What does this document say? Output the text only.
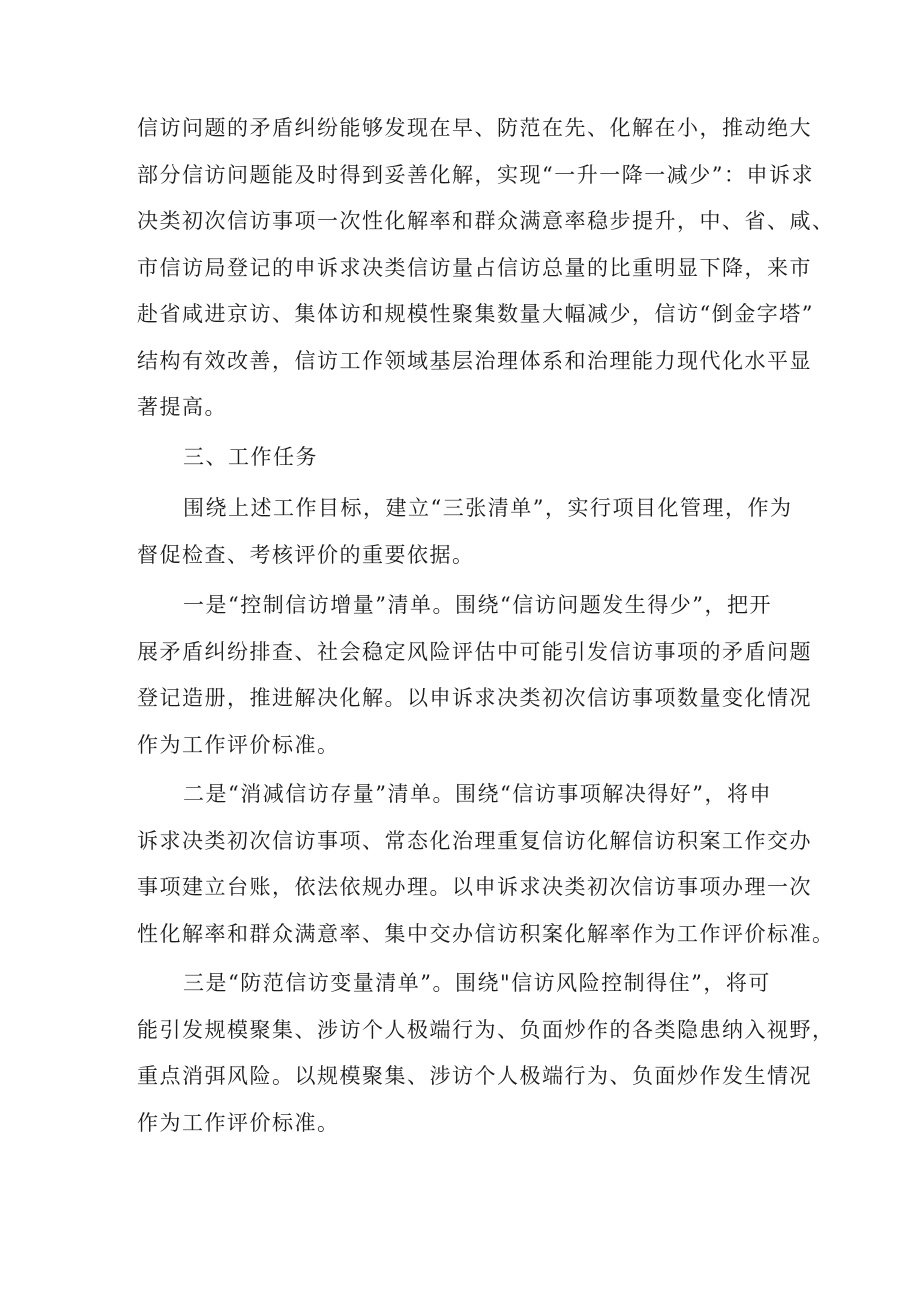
信访问题的矛盾纠纷能够发现在早、防范在先、化解在小，推动绝大
部分信访问题能及时得到妥善化解，实现“一升一降一减少”：申诉求
决类初次信访事项一次性化解率和群众满意率稳步提升，中、省、咸、
市信访局登记的申诉求决类信访量占信访总量的比重明显下降，来市
赴省咸进京访、集体访和规模性聚集数量大幅减少，信访“倒金字塔”
结构有效改善，信访工作领域基层治理体系和治理能力现代化水平显
著提高。
三、工作任务
围绕上述工作目标，建立“三张清单”，实行项目化管理，作为
督促检查、考核评价的重要依据。
一是“控制信访增量”清单。围绕“信访问题发生得少”，把开
展矛盾纠纷排查、社会稳定风险评估中可能引发信访事项的矛盾问题
登记造册，推进解决化解。以申诉求决类初次信访事项数量变化情况
作为工作评价标准。
二是“消减信访存量”清单。围绕“信访事项解决得好”，将申
诉求决类初次信访事项、常态化治理重复信访化解信访积案工作交办
事项建立台账，依法依规办理。以申诉求决类初次信访事项办理一次
性化解率和群众满意率、集中交办信访积案化解率作为工作评价标准。
三是“防范信访变量清单”。围绕"信访风险控制得住”，将可
能引发规模聚集、涉访个人极端行为、负面炒作的各类隐患纳入视野，
重点消弭风险。以规模聚集、涉访个人极端行为、负面炒作发生情况
作为工作评价标准。
